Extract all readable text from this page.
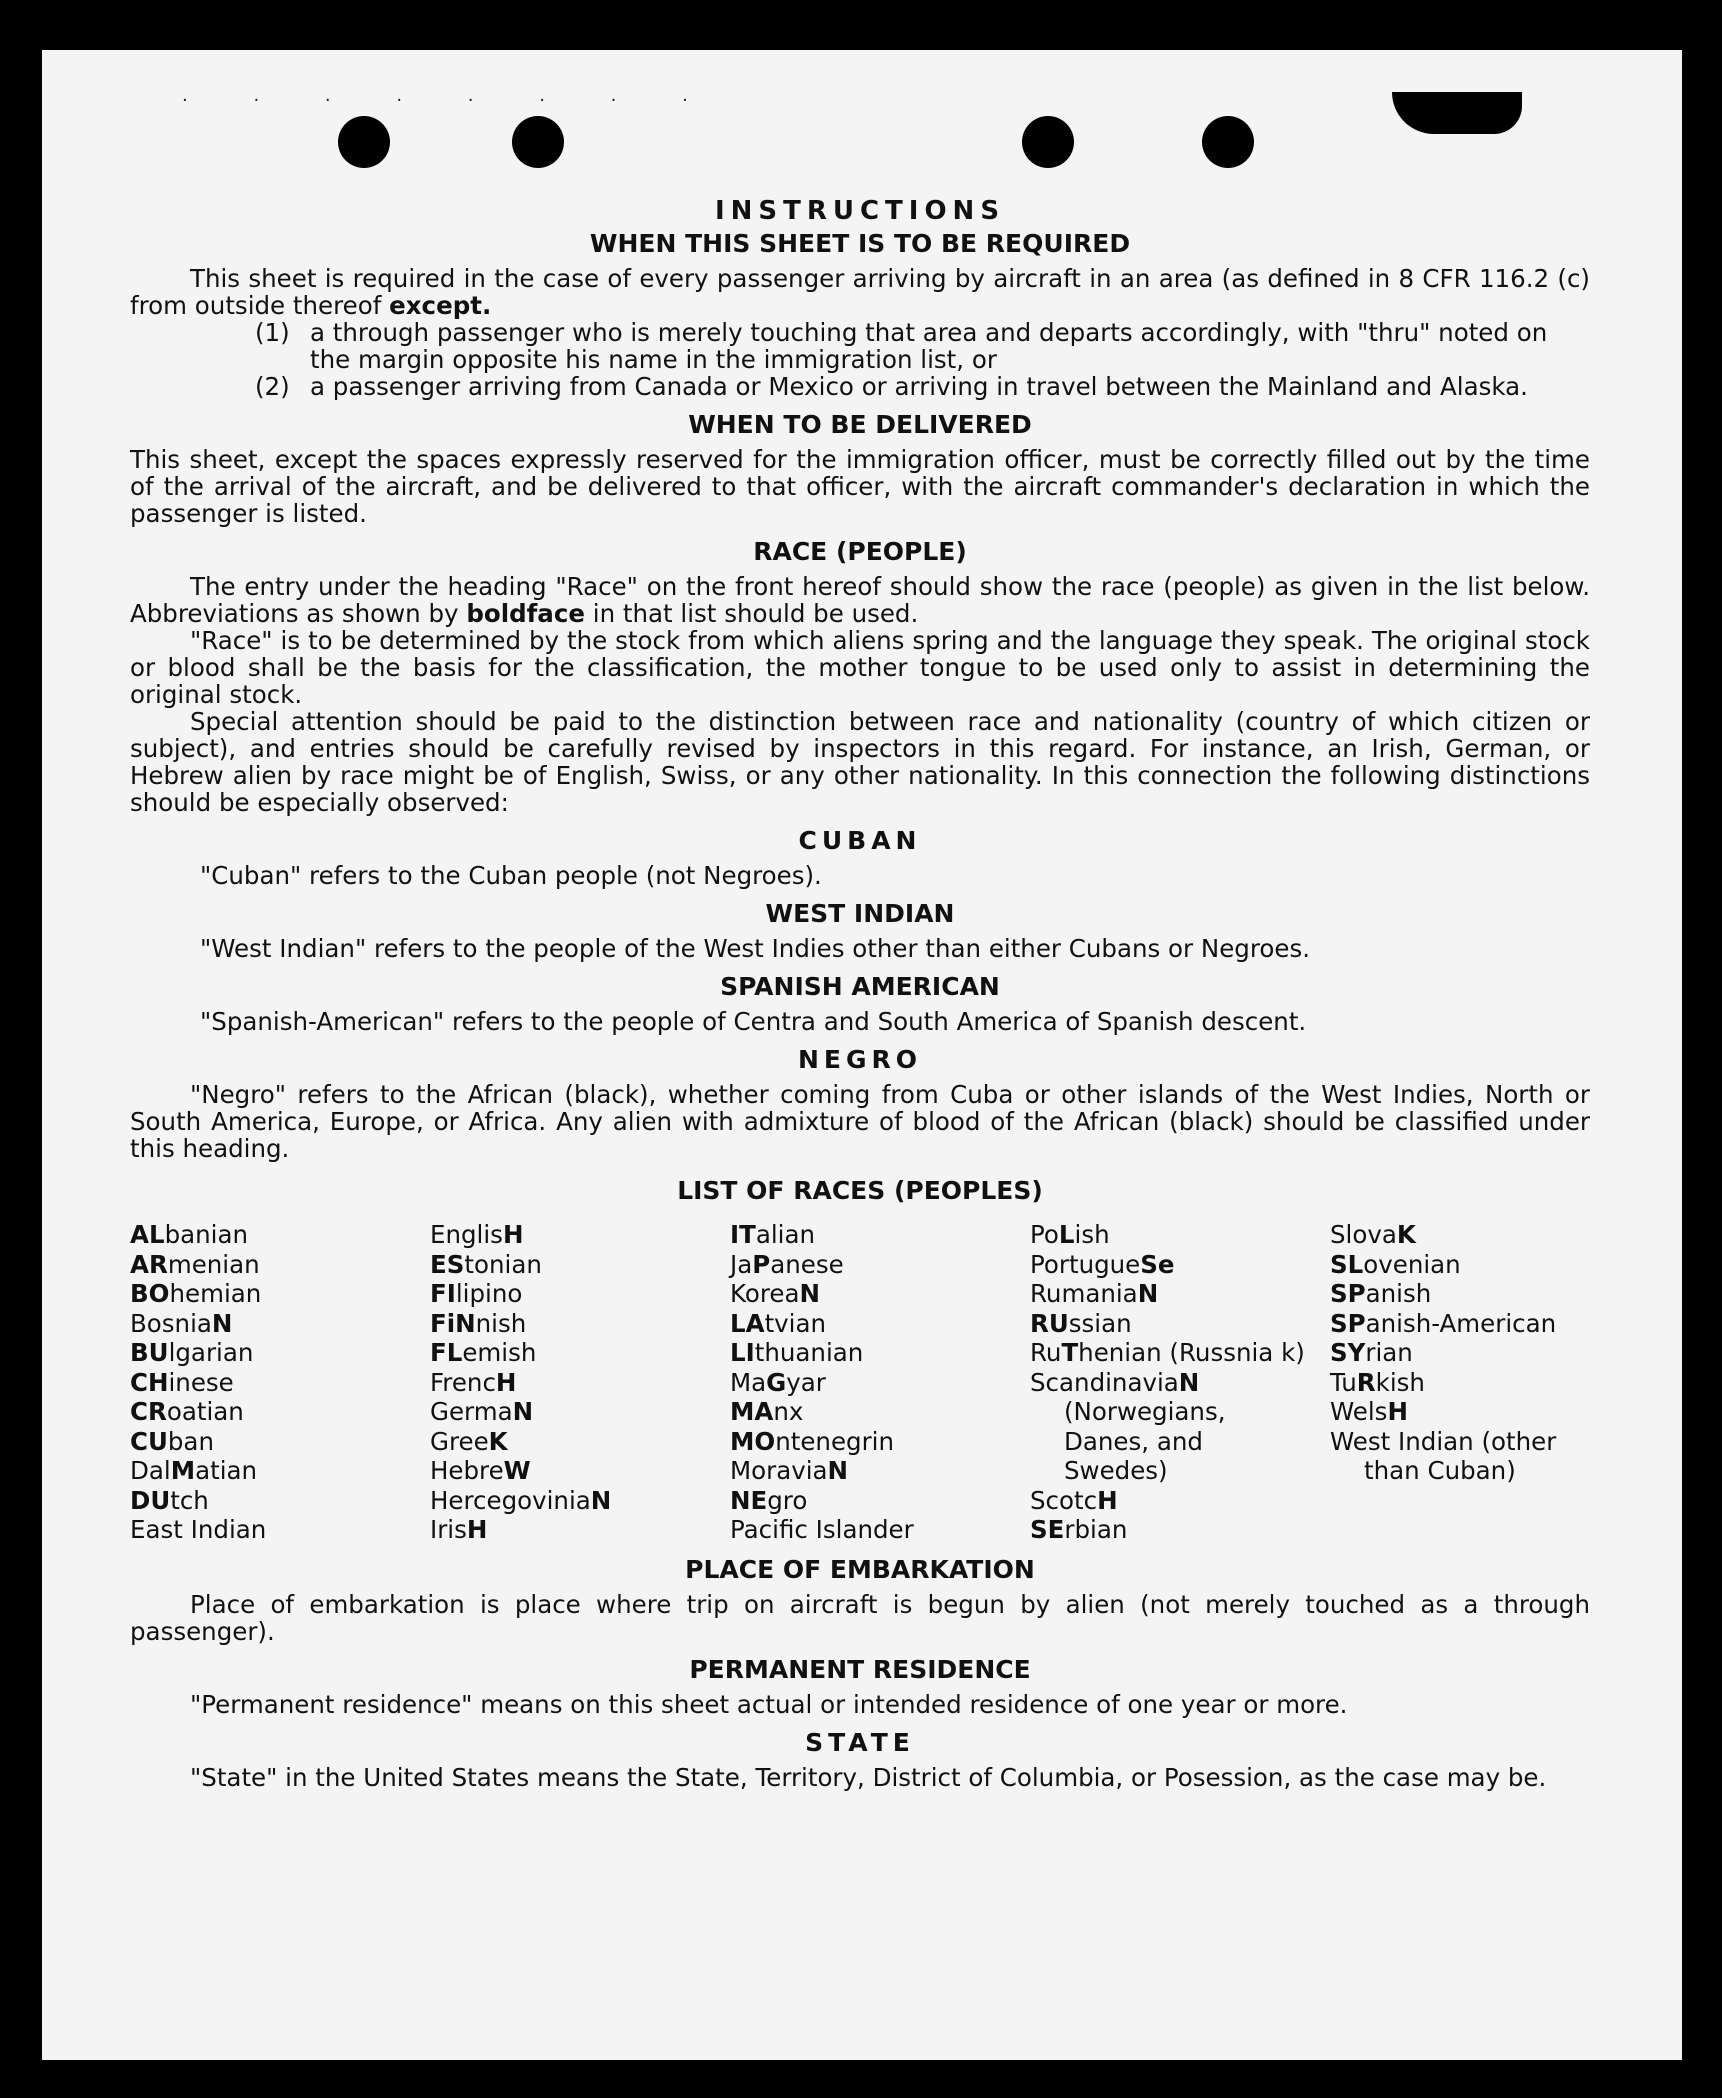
· · · · · · · ·
INSTRUCTIONS
WHEN THIS SHEET IS TO BE REQUIRED

This sheet is required in the case of every passenger arriving by aircraft in an area (as defined in 8 CFR 116.2 (c) from outside thereof except.

(1) a through passenger who is merely touching that area and departs accordingly, with "thru" noted on the margin opposite his name in the immigration list, or
(2) a passenger arriving from Canada or Mexico or arriving in travel between the Mainland and Alaska.
WHEN TO BE DELIVERED

This sheet, except the spaces expressly reserved for the immigration officer, must be correctly filled out by the time of the arrival of the aircraft, and be delivered to that officer, with the aircraft commander's declaration in which the passenger is listed.

RACE (PEOPLE)

The entry under the heading "Race" on the front hereof should show the race (people) as given in the list below. Abbreviations as shown by boldface in that list should be used.

"Race" is to be determined by the stock from which aliens spring and the language they speak. The original stock or blood shall be the basis for the classification, the mother tongue to be used only to assist in determining the original stock.

Special attention should be paid to the distinction between race and nationality (country of which citizen or subject), and entries should be carefully revised by inspectors in this regard. For instance, an Irish, German, or Hebrew alien by race might be of English, Swiss, or any other nationality. In this connection the following distinctions should be especially observed:

CUBAN

"Cuban" refers to the Cuban people (not Negroes).

WEST INDIAN

"West Indian" refers to the people of the West Indies other than either Cubans or Negroes.

SPANISH AMERICAN

"Spanish-American" refers to the people of Centra and South America of Spanish descent.

NEGRO

"Negro" refers to the African (black), whether coming from Cuba or other islands of the West Indies, North or South America, Europe, or Africa. Any alien with admixture of blood of the African (black) should be classified under this heading.

LIST OF RACES (PEOPLES)
ALbanian
ARmenian
BOhemian
BosniaN
BUlgarian
CHinese
CRoatian
CUban
DalMatian
DUtch
East Indian
EnglisH
EStonian
FIlipino
FiNnish
FLemish
FrencH
GermaN
GreeK
HebreW
HercegoviniaN
IrisH
ITalian
JaPanese
KoreaN
LAtvian
LIthuanian
MaGyar
MAnx
MOntenegrin
MoraviaN
NEgro
Pacific Islander
PoLish
PortugueSe
RumaniaN
RUssian
RuThenian (Russnia k)
ScandinaviaN
(Norwegians,
Danes, and
Swedes)
ScotcH
SErbian
SlovaK
SLovenian
SPanish
SPanish-American
SYrian
TuRkish
WelsH
West Indian (other
than Cuban)
PLACE OF EMBARKATION

Place of embarkation is place where trip on aircraft is begun by alien (not merely touched as a through passenger).

PERMANENT RESIDENCE

"Permanent residence" means on this sheet actual or intended residence of one year or more.

STATE

"State" in the United States means the State, Territory, District of Columbia, or Posession, as the case may be.
